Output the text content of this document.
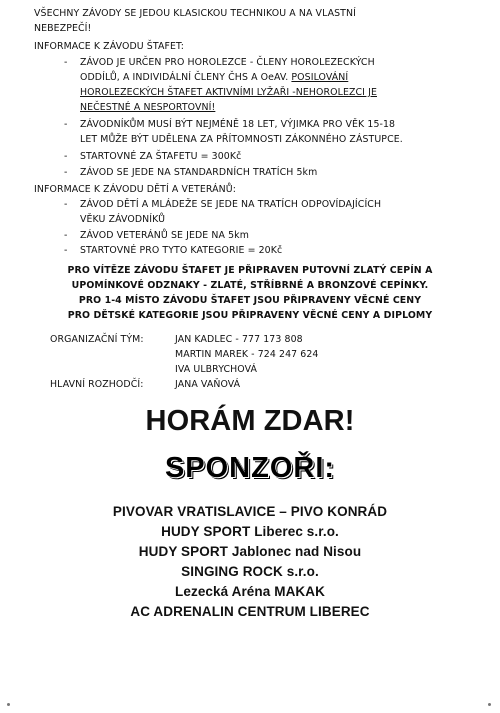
VŠECHNY ZÁVODY SE JEDOU KLASICKOU TECHNIKOU A NA VLASTNÍ
NEBEZPEČÍ!
INFORMACE K ZÁVODU ŠTAFET:
- ZÁVOD JE URČEN PRO HOROLEZCE - ČLENY HOROLEZECKÝCH
ODDÍLŮ, A INDIVIDÁLNÍ ČLENY ČHS A OeAV. POSILOVÁNÍ
HOROLEZECKÝCH ŠTAFET AKTIVNÍMI LYŽAŘI -NEHOROLEZCI JE
NEČESTNÉ A NESPORTOVNÍ!
- ZÁVODNÍKŮM MUSÍ BÝT NEJMÉNĚ 18 LET, VÝJIMKA PRO VĚK 15-18
LET MŮŽE BÝT UDĚLENA ZA PŘÍTOMNOSTI ZÁKONNÉHO ZÁSTUPCE.
- STARTOVNÉ ZA ŠTAFETU = 300Kč
- ZÁVOD SE JEDE NA STANDARDNÍCH TRATÍCH 5km
INFORMACE K ZÁVODU DĚTÍ A VETERÁNŮ:
- ZÁVOD DĚTÍ A MLÁDEŽE SE JEDE NA TRATÍCH ODPOVÍDAJÍCÍCH
VĚKU ZÁVODNÍKŮ
- ZÁVOD VETERÁNŮ SE JEDE NA 5km
- STARTOVNÉ PRO TYTO KATEGORIE = 20Kč
PRO VÍTĚZE ZÁVODU ŠTAFET JE PŘIPRAVEN PUTOVNÍ ZLATÝ CEPÍN A
UPOMÍNKOVÉ ODZNAKY - ZLATÉ, STŘÍBRNÉ A BRONZOVÉ CEPÍNKY.
PRO 1-4 MÍSTO ZÁVODU ŠTAFET JSOU PŘIPRAVENY VĚCNÉ CENY
PRO DĚTSKÉ KATEGORIE JSOU PŘIPRAVENY VĚCNÉ CENY A DIPLOMY
ORGANIZAČNÍ TÝM:	JAN KADLEC - 777 173 808
MARTIN MAREK - 724 247 624
IVA ULBRYCHOVÁ
HLAVNÍ ROZHODČÍ:	JANA VAŇOVÁ
HORÁM ZDAR!
SPONZOŘI:
PIVOVAR VRATISLAVICE – PIVO KONRÁD
HUDY SPORT Liberec s.r.o.
HUDY SPORT Jablonec nad Nisou
SINGING ROCK s.r.o.
Lezecká Aréna MAKAK
AC ADRENALIN CENTRUM LIBEREC
